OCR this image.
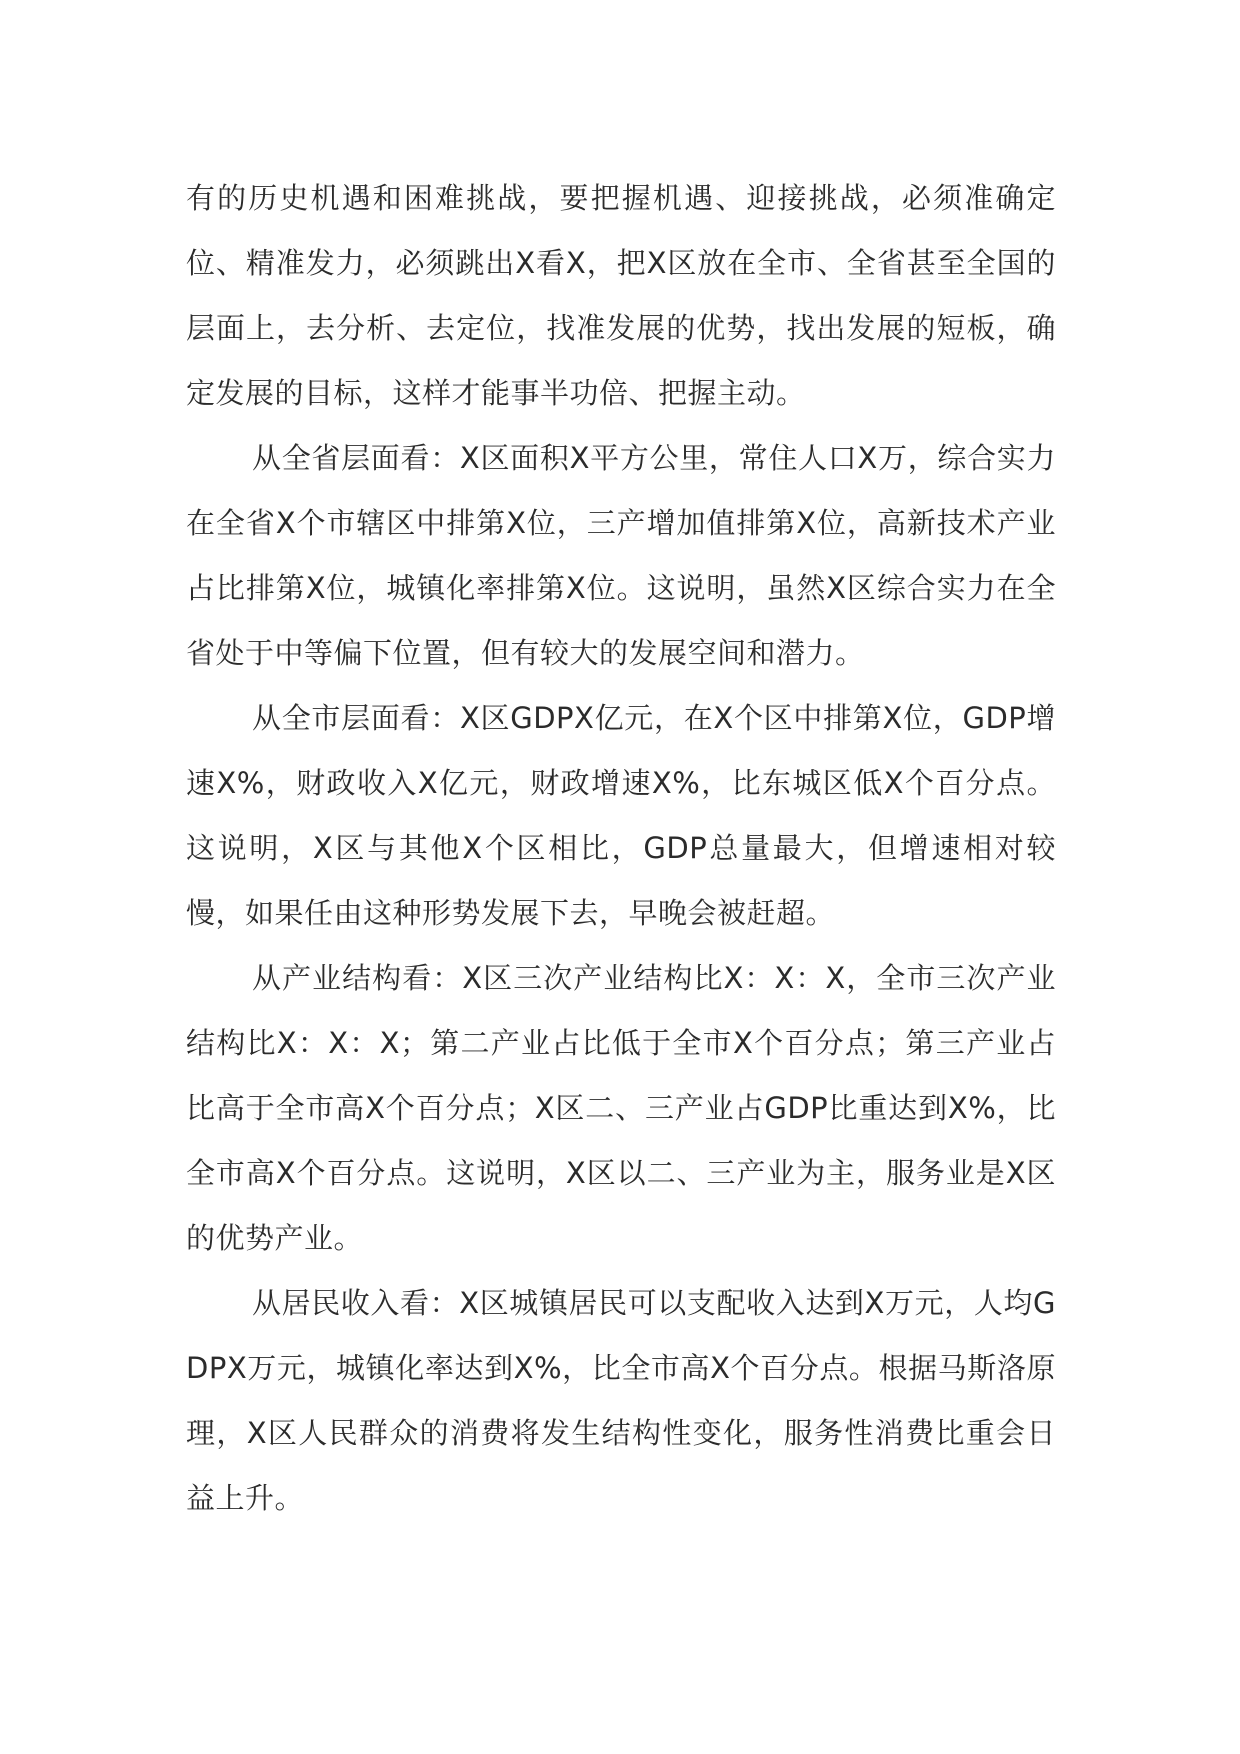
有的历史机遇和困难挑战，要把握机遇、迎接挑战，必须准确定位、精准发力，必须跳出X看X，把X区放在全市、全省甚至全国的层面上，去分析、去定位，找准发展的优势，找出发展的短板，确定发展的目标，这样才能事半功倍、把握主动。

从全省层面看：X区面积X平方公里，常住人口X万，综合实力在全省X个市辖区中排第X位，三产增加值排第X位，高新技术产业占比排第X位，城镇化率排第X位。这说明，虽然X区综合实力在全省处于中等偏下位置，但有较大的发展空间和潜力。

从全市层面看：X区GDPX亿元，在X个区中排第X位，GDP增速X%，财政收入X亿元，财政增速X%，比东城区低X个百分点。这说明，X区与其他X个区相比，GDP总量最大，但增速相对较慢，如果任由这种形势发展下去，早晚会被赶超。

从产业结构看：X区三次产业结构比X：X：X，全市三次产业结构比X：X：X；第二产业占比低于全市X个百分点；第三产业占比高于全市高X个百分点；X区二、三产业占GDP比重达到X%，比全市高X个百分点。这说明，X区以二、三产业为主，服务业是X区的优势产业。

从居民收入看：X区城镇居民可以支配收入达到X万元，人均GDPX万元，城镇化率达到X%，比全市高X个百分点。根据马斯洛原理，X区人民群众的消费将发生结构性变化，服务性消费比重会日益上升。
